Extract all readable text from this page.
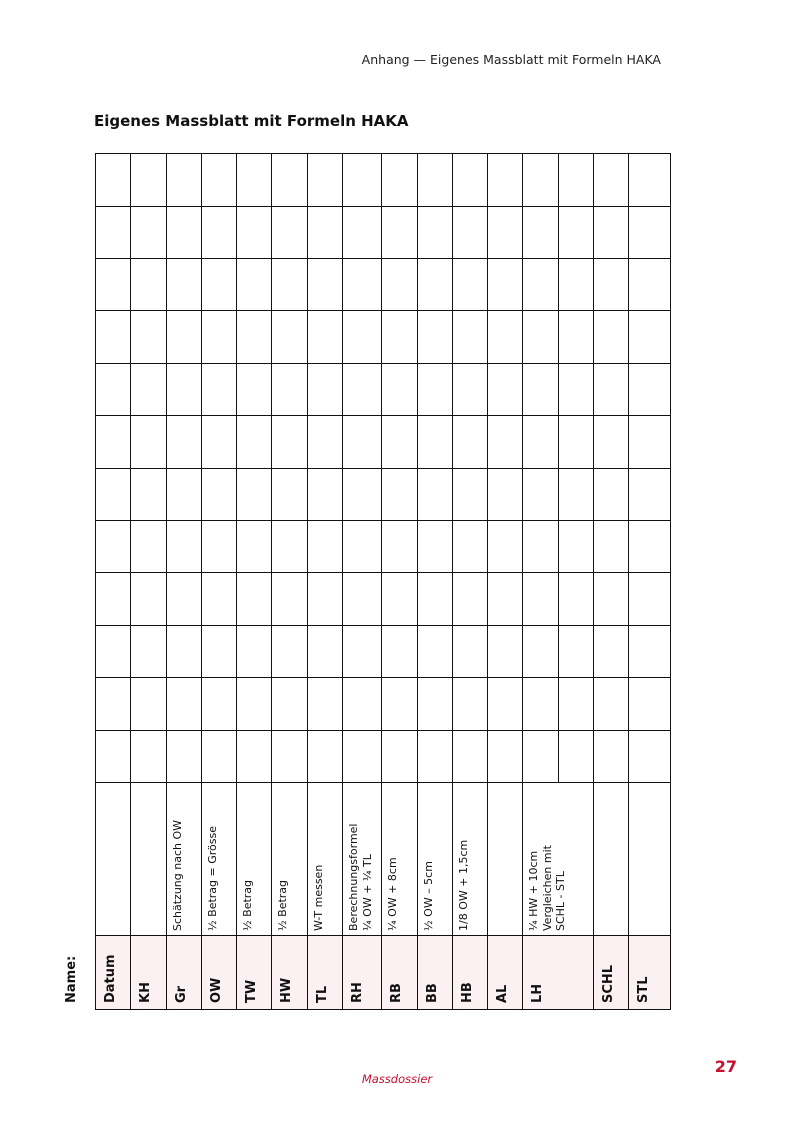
Anhang — Eigenes Massblatt mit Formeln HAKA
Eigenes Massblatt mit Formeln HAKA
Datum KH Gr
Schätzung nach OW
OW
½ Betrag = Grösse
TW
½ Betrag
HW
½ Betrag
TL
W-T messen
RH
Berechnungsformel
¼ OW + ¼ TL
RB
¼ OW + 8cm
BB
½ OW – 5cm
HB
1/8 OW + 1,5cm
AL LH
¼ HW + 10cm
Vergleichen mit
SCHL - STL
SCHL STL
Name:
Massdossier
27
